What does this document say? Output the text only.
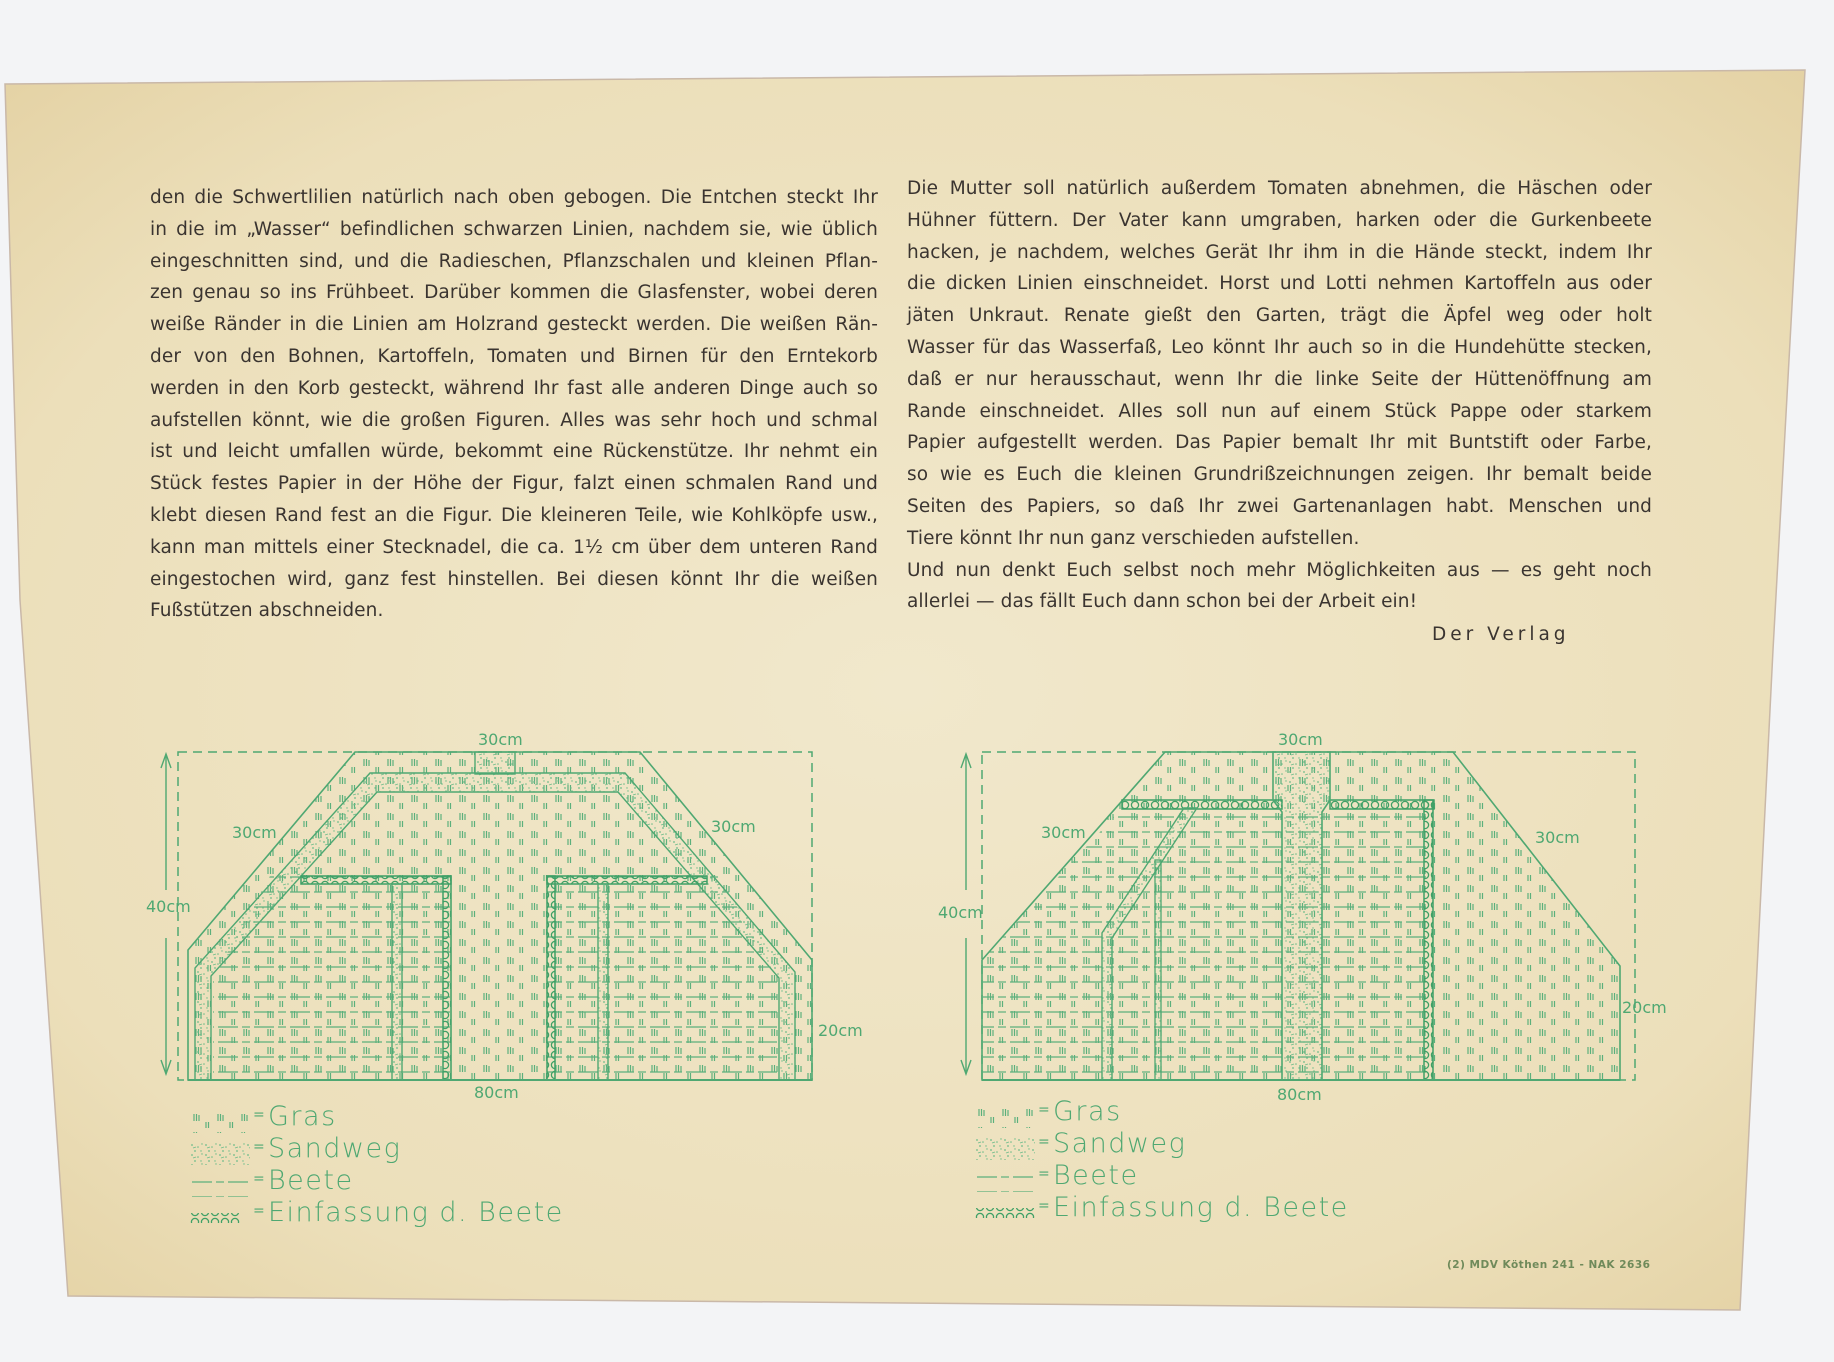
den die Schwertlilien natürlich nach oben gebogen. Die Entchen steckt Ihr

in die im „Wasser“ befindlichen schwarzen Linien, nachdem sie, wie üblich

eingeschnitten sind, und die Radieschen, Pflanzschalen und kleinen Pflan-

zen genau so ins Frühbeet. Darüber kommen die Glasfenster, wobei deren

weiße Ränder in die Linien am Holzrand gesteckt werden. Die weißen Rän-

der von den Bohnen, Kartoffeln, Tomaten und Birnen für den Erntekorb

werden in den Korb gesteckt, während Ihr fast alle anderen Dinge auch so

aufstellen könnt, wie die großen Figuren. Alles was sehr hoch und schmal

ist und leicht umfallen würde, bekommt eine Rückenstütze. Ihr nehmt ein

Stück festes Papier in der Höhe der Figur, falzt einen schmalen Rand und

klebt diesen Rand fest an die Figur. Die kleineren Teile, wie Kohlköpfe usw.,

kann man mittels einer Stecknadel, die ca. 1½ cm über dem unteren Rand

eingestochen wird, ganz fest hinstellen. Bei diesen könnt Ihr die weißen

Fußstützen abschneiden.

Die Mutter soll natürlich außerdem Tomaten abnehmen, die Häschen oder

Hühner füttern. Der Vater kann umgraben, harken oder die Gurkenbeete

hacken, je nachdem, welches Gerät Ihr ihm in die Hände steckt, indem Ihr

die dicken Linien einschneidet. Horst und Lotti nehmen Kartoffeln aus oder

jäten Unkraut. Renate gießt den Garten, trägt die Äpfel weg oder holt

Wasser für das Wasserfaß, Leo könnt Ihr auch so in die Hundehütte stecken,

daß er nur herausschaut, wenn Ihr die linke Seite der Hüttenöffnung am

Rande einschneidet. Alles soll nun auf einem Stück Pappe oder starkem

Papier aufgestellt werden. Das Papier bemalt Ihr mit Buntstift oder Farbe,

so wie es Euch die kleinen Grundrißzeichnungen zeigen. Ihr bemalt beide

Seiten des Papiers, so daß Ihr zwei Gartenanlagen habt. Menschen und

Tiere könnt Ihr nun ganz verschieden aufstellen.

Und nun denkt Euch selbst noch mehr Möglichkeiten aus — es geht noch

allerlei — das fällt Euch dann schon bei der Arbeit ein!

Der Verlag
30cm
30cm	30cm
40cm
20cm
80cm
30cm
30cm	30cm
40cm
20cm
80cm
= Gras
= Sandweg
= Beete
= Einfassung d. Beete
= Gras
= Sandweg
= Beete
= Einfassung d. Beete
(2) MDV Köthen 241 - NAK 2636
